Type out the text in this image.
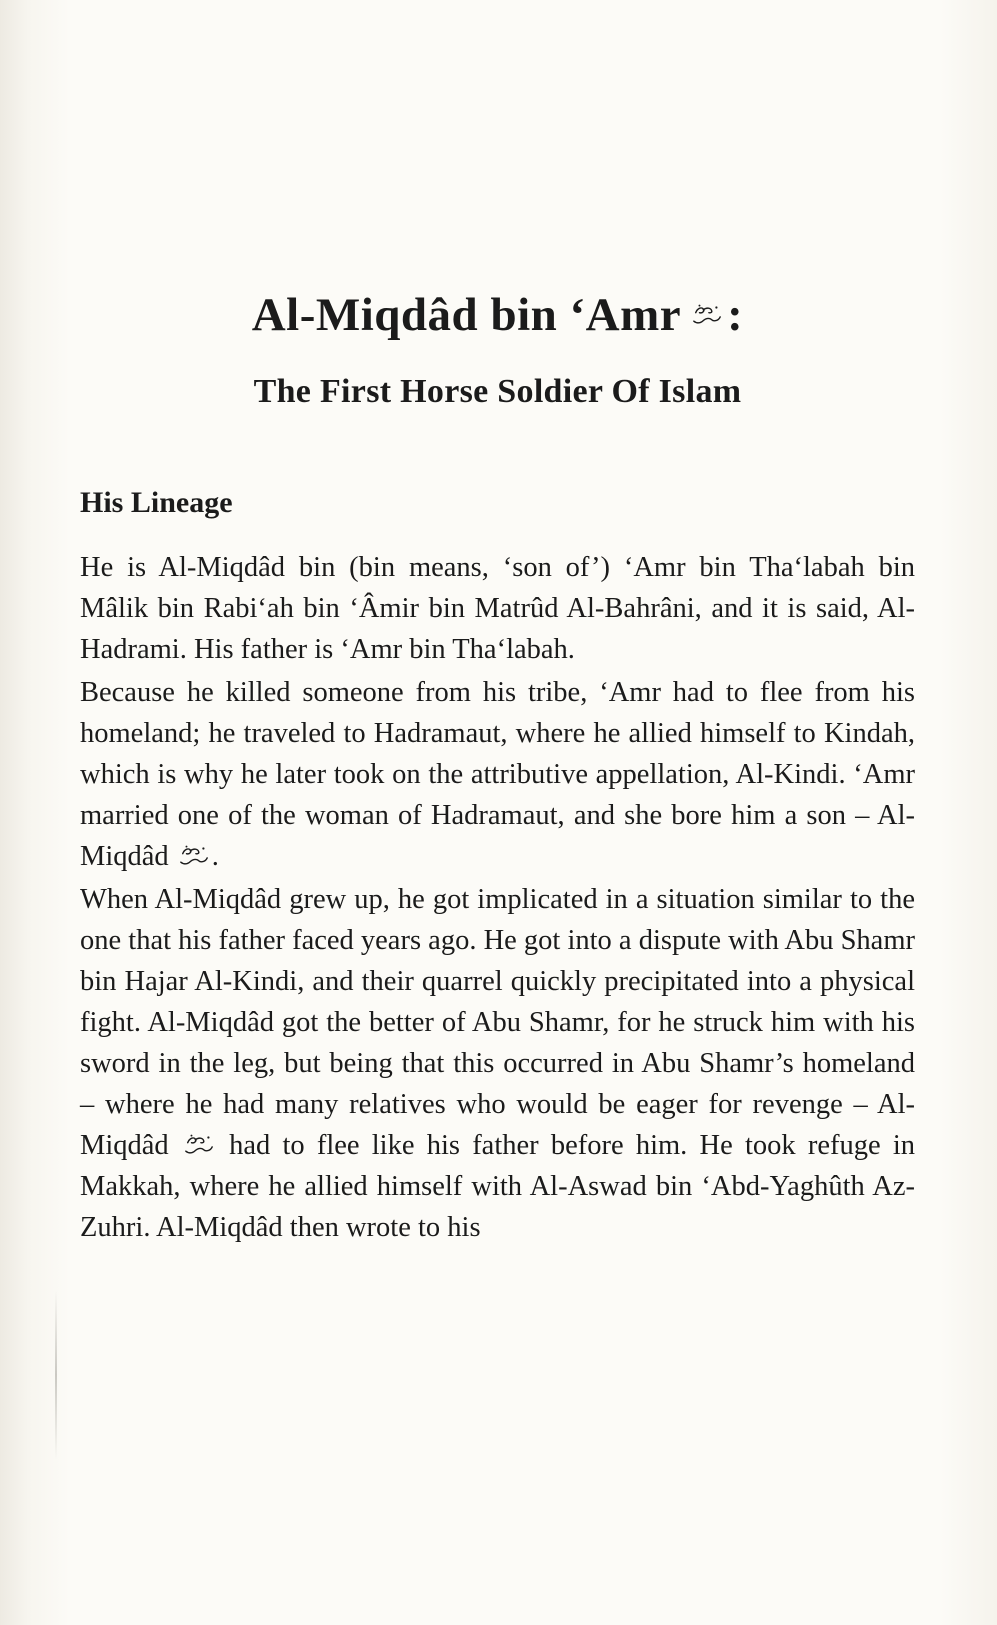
Al-Miqdâd bin ‘Amr :
The First Horse Soldier Of Islam
His Lineage

He is Al-Miqdâd bin (bin means, ‘son of’) ‘Amr bin Tha‘labah bin Mâlik bin Rabi‘ah bin ‘Âmir bin Matrûd Al-Bahrâni, and it is said, Al-Hadrami. His father is ‘Amr bin Tha‘labah.

Because he killed someone from his tribe, ‘Amr had to flee from his homeland; he traveled to Hadramaut, where he allied himself to Kindah, which is why he later took on the attributive appellation, Al-Kindi. ‘Amr married one of the woman of Hadramaut, and she bore him a son – Al-Miqdâd .

When Al-Miqdâd grew up, he got implicated in a situation similar to the one that his father faced years ago. He got into a dispute with Abu Shamr bin Hajar Al-Kindi, and their quarrel quickly precipitated into a physical fight. Al-Miqdâd got the better of Abu Shamr, for he struck him with his sword in the leg, but being that this occurred in Abu Shamr’s homeland – where he had many relatives who would be eager for revenge – Al-Miqdâd  had to flee like his father before him. He took refuge in Makkah, where he allied himself with Al-Aswad bin ‘Abd-Yaghûth Az-Zuhri. Al-Miqdâd then wrote to his
